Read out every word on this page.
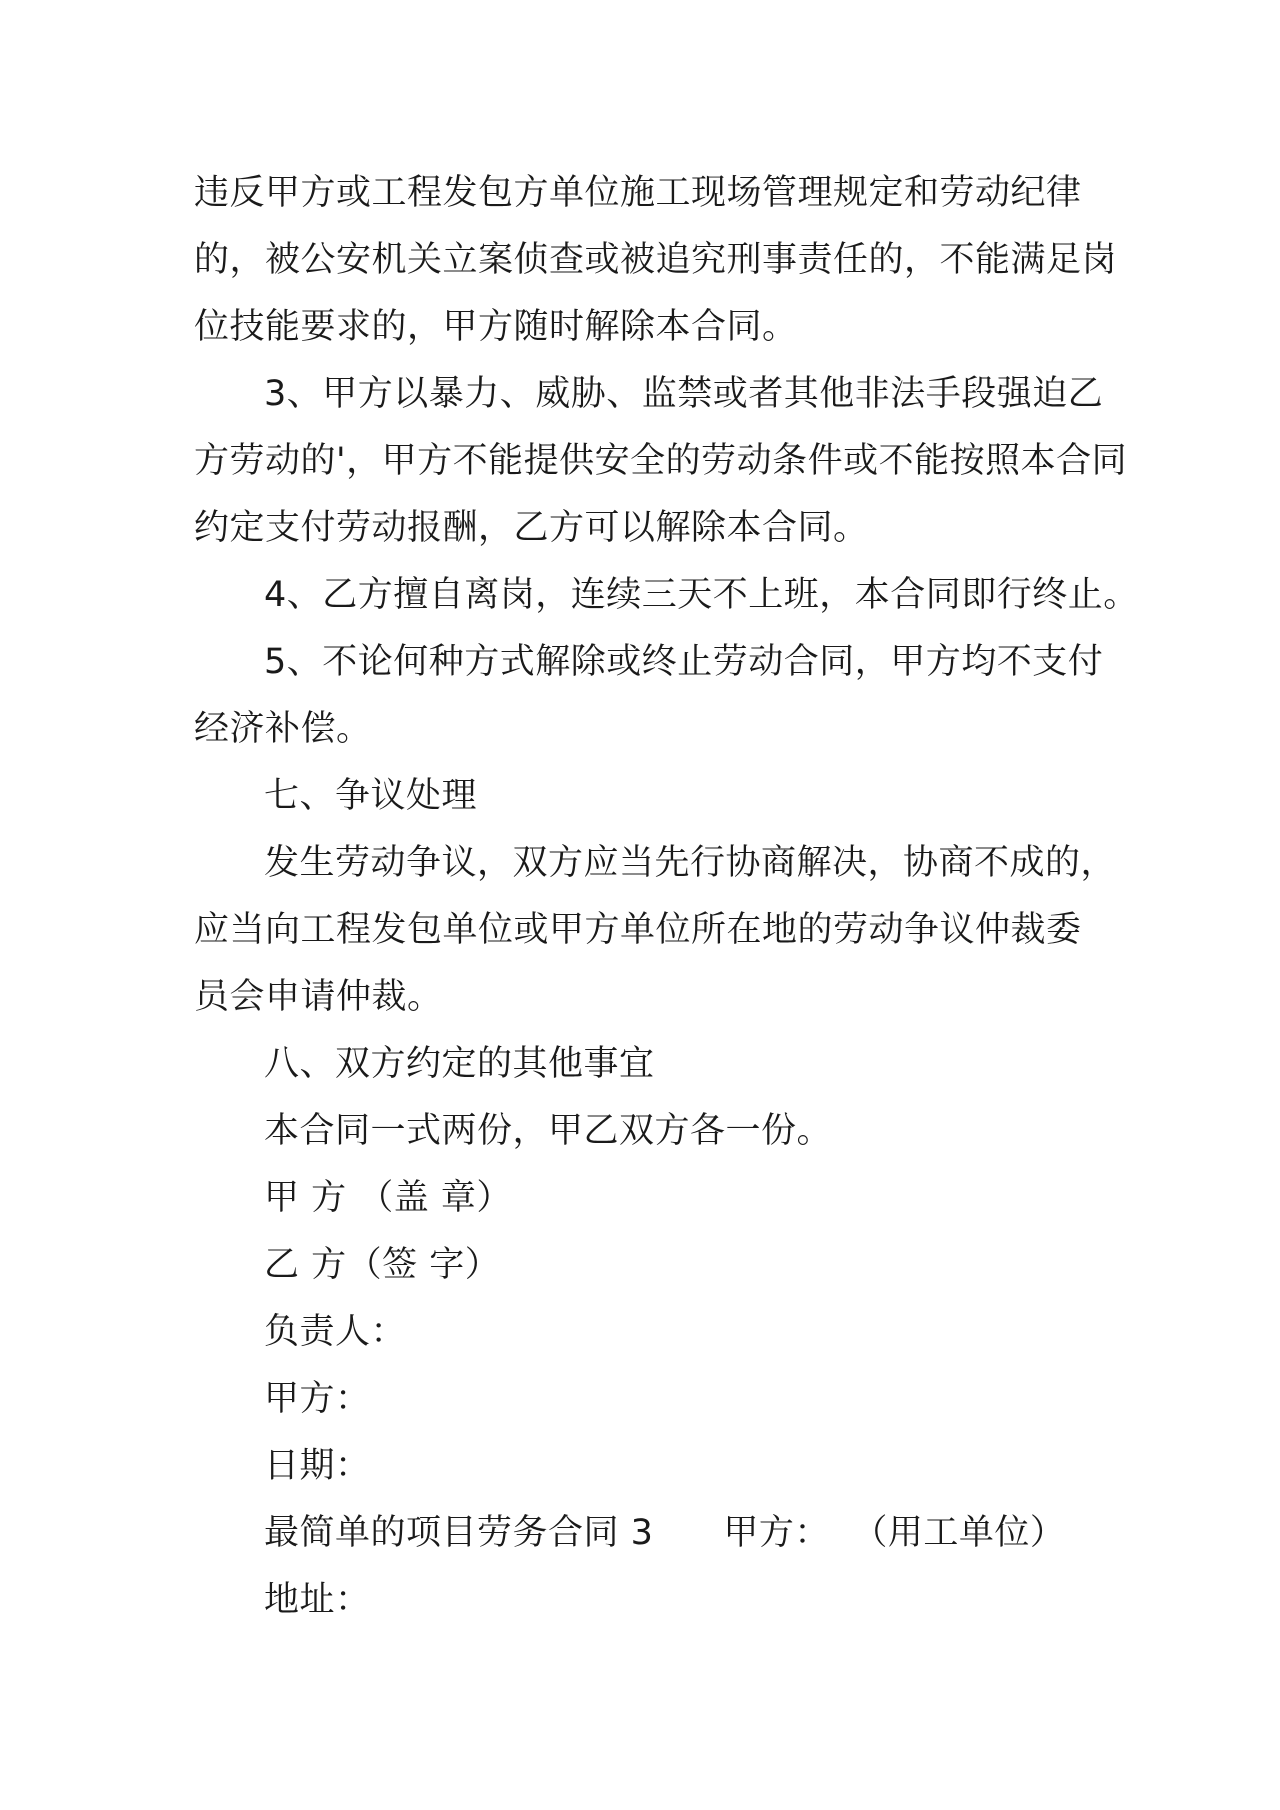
违反甲方或工程发包方单位施工现场管理规定和劳动纪律
的，被公安机关立案侦查或被追究刑事责任的，不能满足岗
位技能要求的，甲方随时解除本合同。
3、甲方以暴力、威胁、监禁或者其他非法手段强迫乙
方劳动的'，甲方不能提供安全的劳动条件或不能按照本合同
约定支付劳动报酬，乙方可以解除本合同。
4、乙方擅自离岗，连续三天不上班，本合同即行终止。
5、不论何种方式解除或终止劳动合同，甲方均不支付
经济补偿。
七、争议处理
发生劳动争议，双方应当先行协商解决，协商不成的，
应当向工程发包单位或甲方单位所在地的劳动争议仲裁委
员会申请仲裁。
八、双方约定的其他事宜
本合同一式两份，甲乙双方各一份。
甲 方 （盖 章）
乙 方（签 字）
负责人：
甲方：
日期：
最简单的项目劳务合同 3 甲方： （用工单位）
地址：
